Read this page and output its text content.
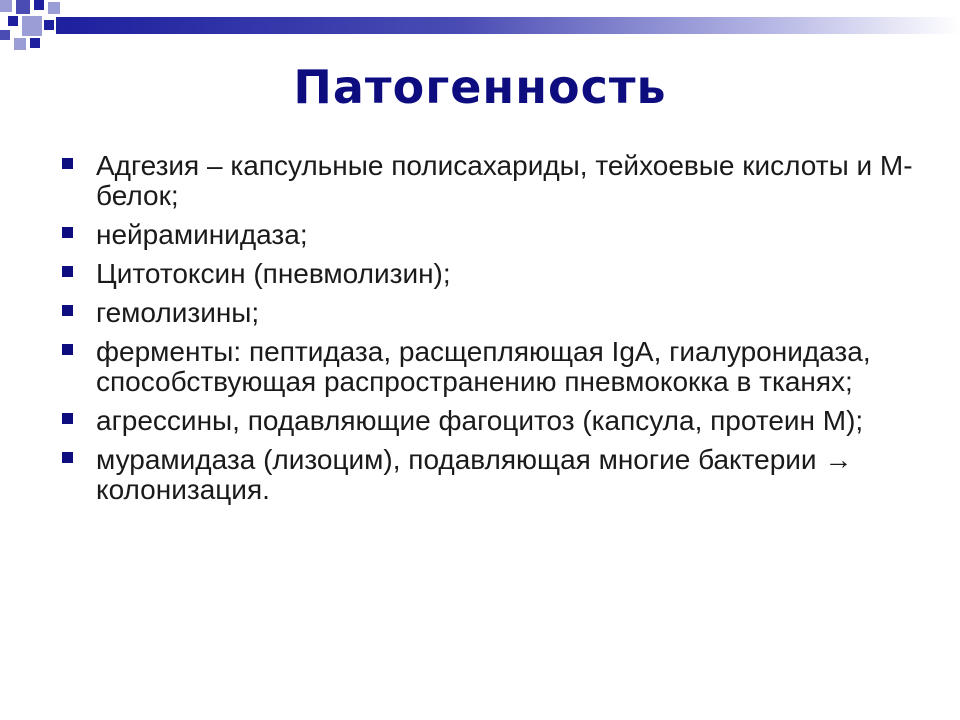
Патогенность
Адгезия – капсульные полисахариды, тейхоевые кислоты и М-белок;
нейраминидаза;
Цитотоксин (пневмолизин);
гемолизины;
ферменты: пептидаза, расщепляющая IgA, гиалуронидаза, способствующая распространению пневмококка в тканях;
агрессины, подавляющие фагоцитоз (капсула, протеин М);
мурамидаза (лизоцим), подавляющая многие бактерии → колонизация.
